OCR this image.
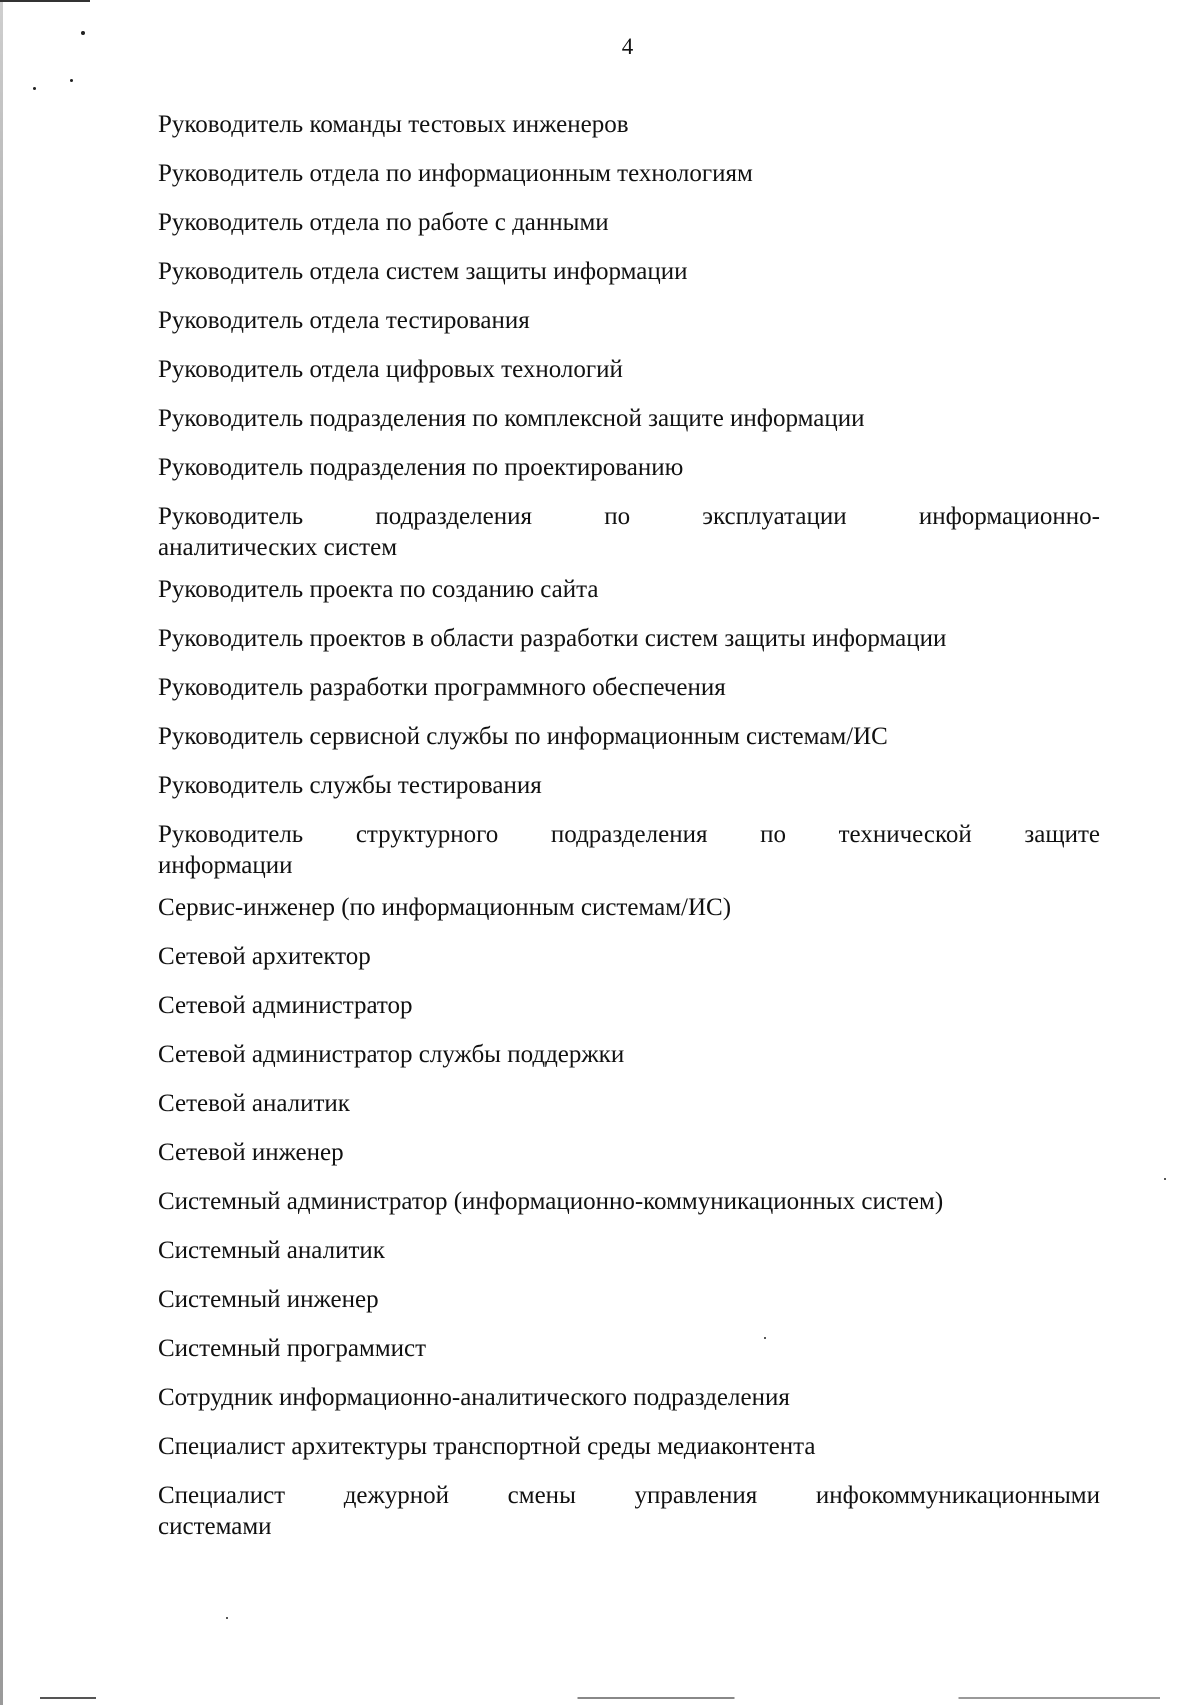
4
Руководитель команды тестовых инженеров
Руководитель отдела по информационным технологиям
Руководитель отдела по работе с данными
Руководитель отдела систем защиты информации
Руководитель отдела тестирования
Руководитель отдела цифровых технологий
Руководитель подразделения по комплексной защите информации
Руководитель подразделения по проектированию
Руководитель подразделения по эксплуатации информационно-
аналитических систем
Руководитель проекта по созданию сайта
Руководитель проектов в области разработки систем защиты информации
Руководитель разработки программного обеспечения
Руководитель сервисной службы по информационным системам/ИС
Руководитель службы тестирования
Руководитель структурного подразделения по технической защите
информации
Сервис-инженер (по информационным системам/ИС)
Сетевой архитектор
Сетевой администратор
Сетевой администратор службы поддержки
Сетевой аналитик
Сетевой инженер
Системный администратор (информационно-коммуникационных систем)
Системный аналитик
Системный инженер
Системный программист
Сотрудник информационно-аналитического подразделения
Специалист архитектуры транспортной среды медиаконтента
Специалист дежурной смены управления инфокоммуникационными
системами
